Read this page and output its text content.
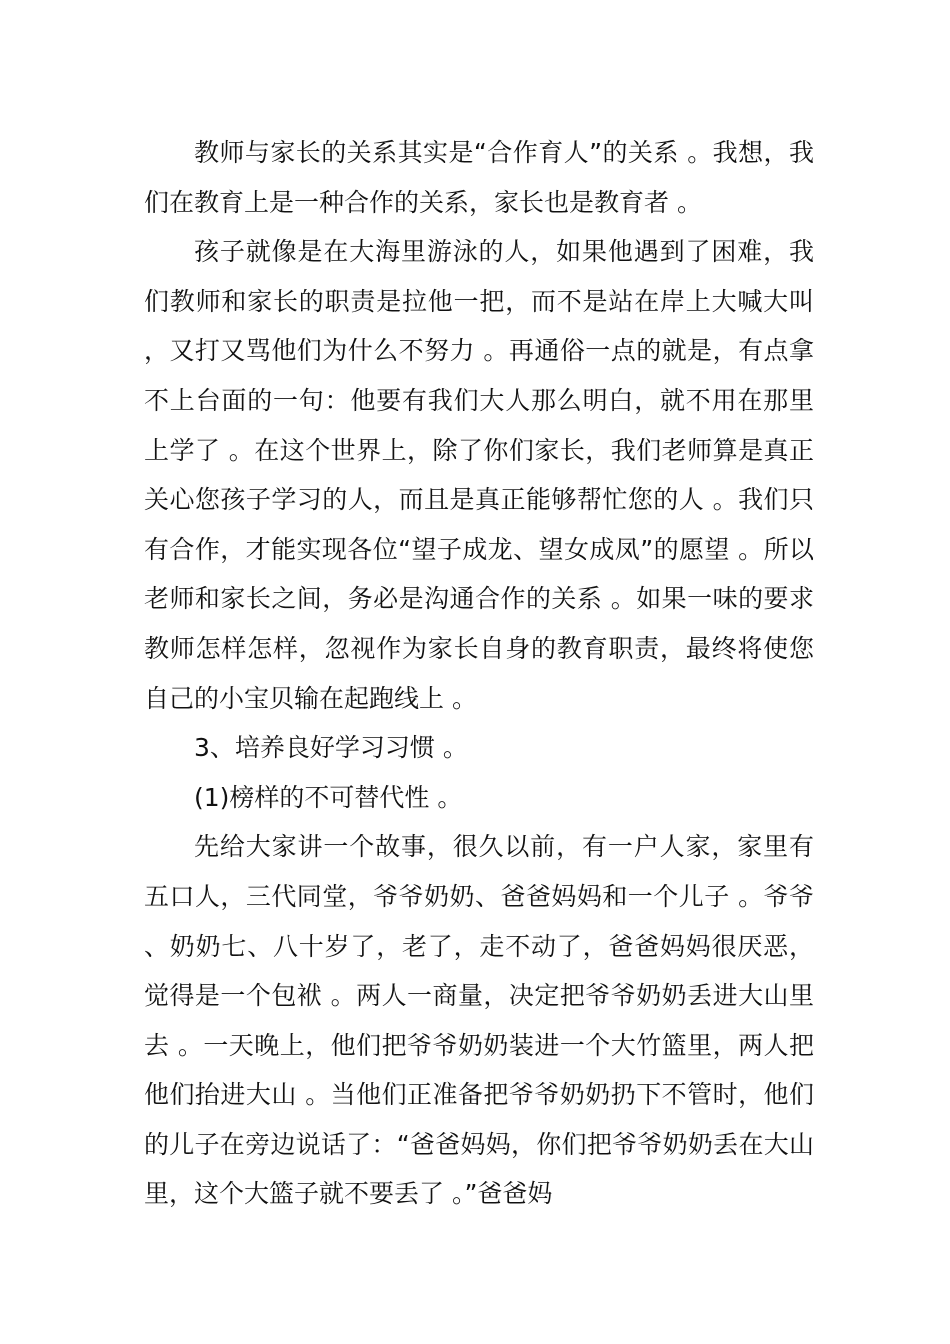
教师与家长的关系其实是“合作育人”的关系 。我想，我们在教育上是一种合作的关系，家长也是教育者 。

孩子就像是在大海里游泳的人，如果他遇到了困难，我们教师和家长的职责是拉他一把，而不是站在岸上大喊大叫，又打又骂他们为什么不努力 。再通俗一点的就是，有点拿不上台面的一句：他要有我们大人那么明白，就不用在那里上学了 。在这个世界上，除了你们家长，我们老师算是真正关心您孩子学习的人，而且是真正能够帮忙您的人 。我们只有合作，才能实现各位“望子成龙、望女成凤”的愿望 。所以老师和家长之间，务必是沟通合作的关系 。如果一味的要求教师怎样怎样，忽视作为家长自身的教育职责，最终将使您自己的小宝贝输在起跑线上 。

3、培养良好学习习惯 。

(1)榜样的不可替代性 。

先给大家讲一个故事，很久以前，有一户人家，家里有五口人，三代同堂，爷爷奶奶、爸爸妈妈和一个儿子 。爷爷、奶奶七、八十岁了，老了，走不动了，爸爸妈妈很厌恶，觉得是一个包袱 。两人一商量，决定把爷爷奶奶丢进大山里去 。一天晚上，他们把爷爷奶奶装进一个大竹篮里，两人把他们抬进大山 。当他们正准备把爷爷奶奶扔下不管时，他们的儿子在旁边说话了：“爸爸妈妈，你们把爷爷奶奶丢在大山里，这个大篮子就不要丢了 。”爸爸妈
